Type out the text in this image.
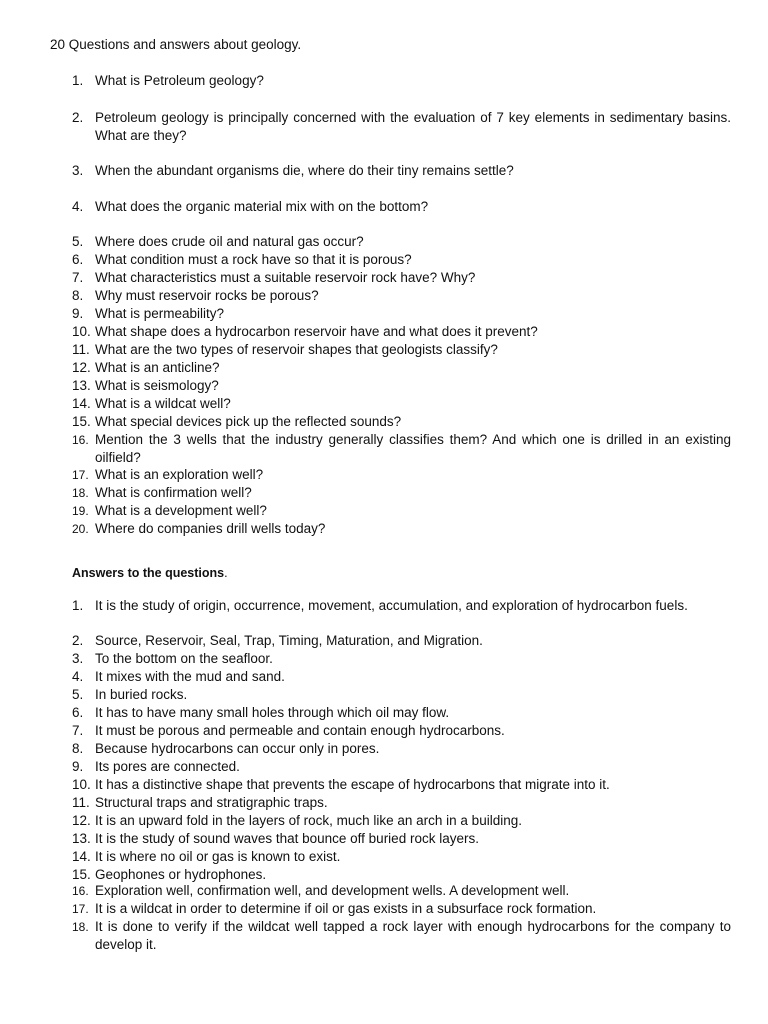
20 Questions and answers about geology.
1. What is Petroleum geology?
2. Petroleum geology is principally concerned with the evaluation of 7 key elements in sedimentary basins. What are they?
3. When the abundant organisms die, where do their tiny remains settle?
4. What does the organic material mix with on the bottom?
5. Where does crude oil and natural gas occur?
6. What condition must a rock have so that it is porous?
7. What characteristics must a suitable reservoir rock have? Why?
8. Why must reservoir rocks be porous?
9. What is permeability?
10. What shape does a hydrocarbon reservoir have and what does it prevent?
11. What are the two types of reservoir shapes that geologists classify?
12. What is an anticline?
13. What is seismology?
14. What is a wildcat well?
15. What special devices pick up the reflected sounds?
16. Mention the 3 wells that the industry generally classifies them? And which one is drilled in an existing oilfield?
17. What is an exploration well?
18. What is confirmation well?
19. What is a development well?
20. Where do companies drill wells today?
Answers to the questions.
1. It is the study of origin, occurrence, movement, accumulation, and exploration of hydrocarbon fuels.
2. Source, Reservoir, Seal, Trap, Timing, Maturation, and Migration.
3. To the bottom on the seafloor.
4. It mixes with the mud and sand.
5. In buried rocks.
6. It has to have many small holes through which oil may flow.
7. It must be porous and permeable and contain enough hydrocarbons.
8. Because hydrocarbons can occur only in pores.
9. Its pores are connected.
10. It has a distinctive shape that prevents the escape of hydrocarbons that migrate into it.
11. Structural traps and stratigraphic traps.
12. It is an upward fold in the layers of rock, much like an arch in a building.
13. It is the study of sound waves that bounce off buried rock layers.
14. It is where no oil or gas is known to exist.
15. Geophones or hydrophones.
16. Exploration well, confirmation well, and development wells. A development well.
17. It is a wildcat in order to determine if oil or gas exists in a subsurface rock formation.
18. It is done to verify if the wildcat well tapped a rock layer with enough hydrocarbons for the company to develop it.
